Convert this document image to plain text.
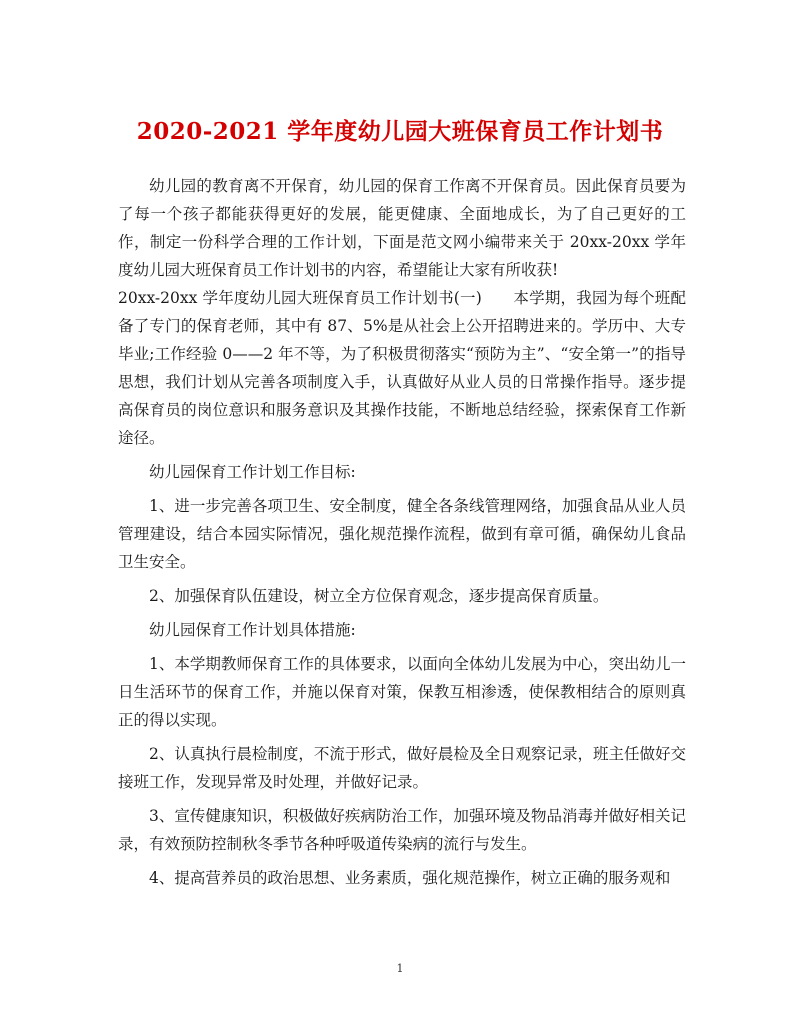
2020-2021 学年度幼儿园大班保育员工作计划书

幼儿园的教育离不开保育，幼儿园的保育工作离不开保育员。因此保育员要为了每一个孩子都能获得更好的发展，能更健康、全面地成长，为了自己更好的工作，制定一份科学合理的工作计划，下面是范文网小编带来关于 20xx-20xx 学年度幼儿园大班保育员工作计划书的内容，希望能让大家有所收获!

20xx-20xx 学年度幼儿园大班保育员工作计划书(一)　　本学期，我园为每个班配备了专门的保育老师，其中有 87、5%是从社会上公开招聘进来的。学历中、大专毕业;工作经验 0——2 年不等，为了积极贯彻落实“预防为主”、“安全第一”的指导思想，我们计划从完善各项制度入手，认真做好从业人员的日常操作指导。逐步提高保育员的岗位意识和服务意识及其操作技能，不断地总结经验，探索保育工作新途径。

幼儿园保育工作计划工作目标:

1、进一步完善各项卫生、安全制度，健全各条线管理网络，加强食品从业人员管理建设，结合本园实际情况，强化规范操作流程，做到有章可循，确保幼儿食品卫生安全。

2、加强保育队伍建设，树立全方位保育观念，逐步提高保育质量。

幼儿园保育工作计划具体措施:

1、本学期教师保育工作的具体要求，以面向全体幼儿发展为中心，突出幼儿一日生活环节的保育工作，并施以保育对策，保教互相渗透，使保教相结合的原则真正的得以实现。

2、认真执行晨检制度，不流于形式，做好晨检及全日观察记录，班主任做好交接班工作，发现异常及时处理，并做好记录。

3、宣传健康知识，积极做好疾病防治工作，加强环境及物品消毒并做好相关记录，有效预防控制秋冬季节各种呼吸道传染病的流行与发生。

4、提高营养员的政治思想、业务素质，强化规范操作，树立正确的服务观和

1
